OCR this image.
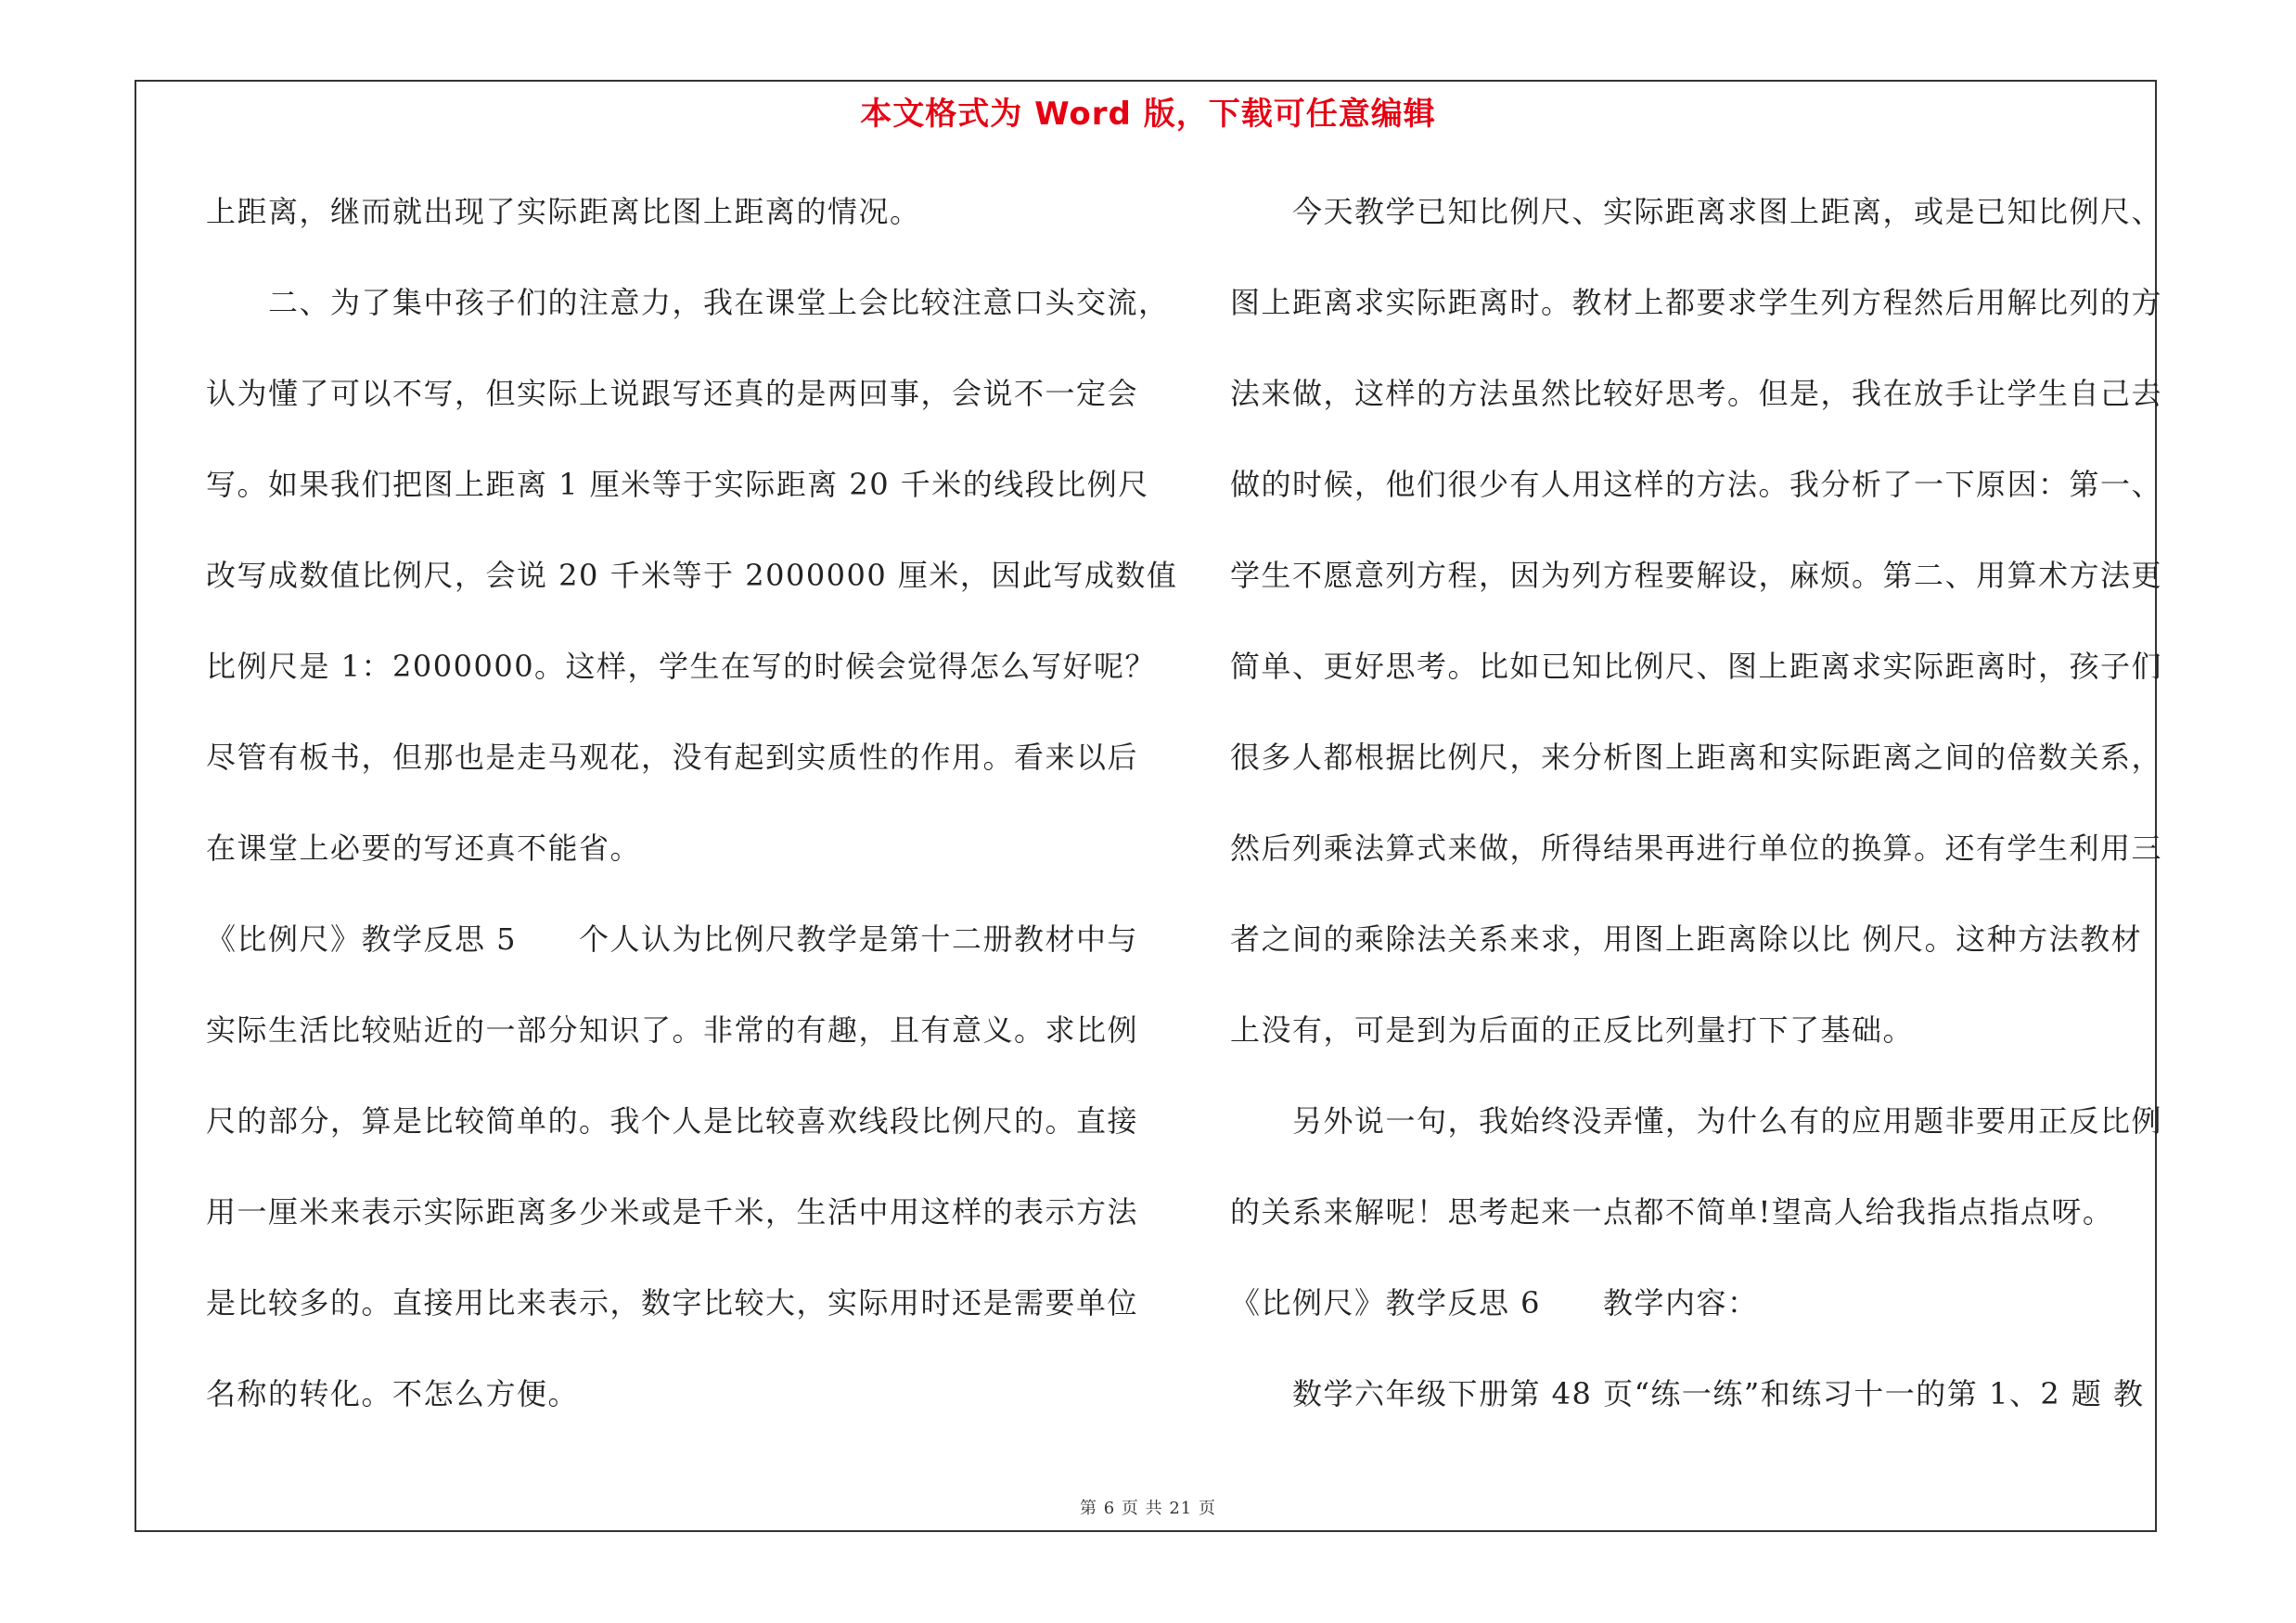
本文格式为 Word 版，下载可任意编辑
上距离，继而就出现了实际距离比图上距离的情况。
　　二、为了集中孩子们的注意力，我在课堂上会比较注意口头交流，
认为懂了可以不写，但实际上说跟写还真的是两回事，会说不一定会
写。如果我们把图上距离 1 厘米等于实际距离 20 千米的线段比例尺
改写成数值比例尺，会说 20 千米等于 2000000 厘米，因此写成数值
比例尺是 1：2000000。这样，学生在写的时候会觉得怎么写好呢？
尽管有板书，但那也是走马观花，没有起到实质性的作用。看来以后
在课堂上必要的写还真不能省。
《比例尺》教学反思 5　　个人认为比例尺教学是第十二册教材中与
实际生活比较贴近的一部分知识了。非常的有趣，且有意义。求比例
尺的部分，算是比较简单的。我个人是比较喜欢线段比例尺的。直接
用一厘米来表示实际距离多少米或是千米，生活中用这样的表示方法
是比较多的。直接用比来表示，数字比较大，实际用时还是需要单位
名称的转化。不怎么方便。
　　今天教学已知比例尺、实际距离求图上距离，或是已知比例尺、
图上距离求实际距离时。教材上都要求学生列方程然后用解比列的方
法来做，这样的方法虽然比较好思考。但是，我在放手让学生自己去
做的时候，他们很少有人用这样的方法。我分析了一下原因：第一、
学生不愿意列方程，因为列方程要解设，麻烦。第二、用算术方法更
简单、更好思考。比如已知比例尺、图上距离求实际距离时，孩子们
很多人都根据比例尺，来分析图上距离和实际距离之间的倍数关系，
然后列乘法算式来做，所得结果再进行单位的换算。还有学生利用三
者之间的乘除法关系来求，用图上距离除以比 例尺。这种方法教材
上没有，可是到为后面的正反比列量打下了基础。
　　另外说一句，我始终没弄懂，为什么有的应用题非要用正反比例
的关系来解呢！思考起来一点都不简单!望高人给我指点指点呀。
《比例尺》教学反思 6　　教学内容：
　　数学六年级下册第 48 页“练一练”和练习十一的第 1、2 题 教
第 6 页 共 21 页
